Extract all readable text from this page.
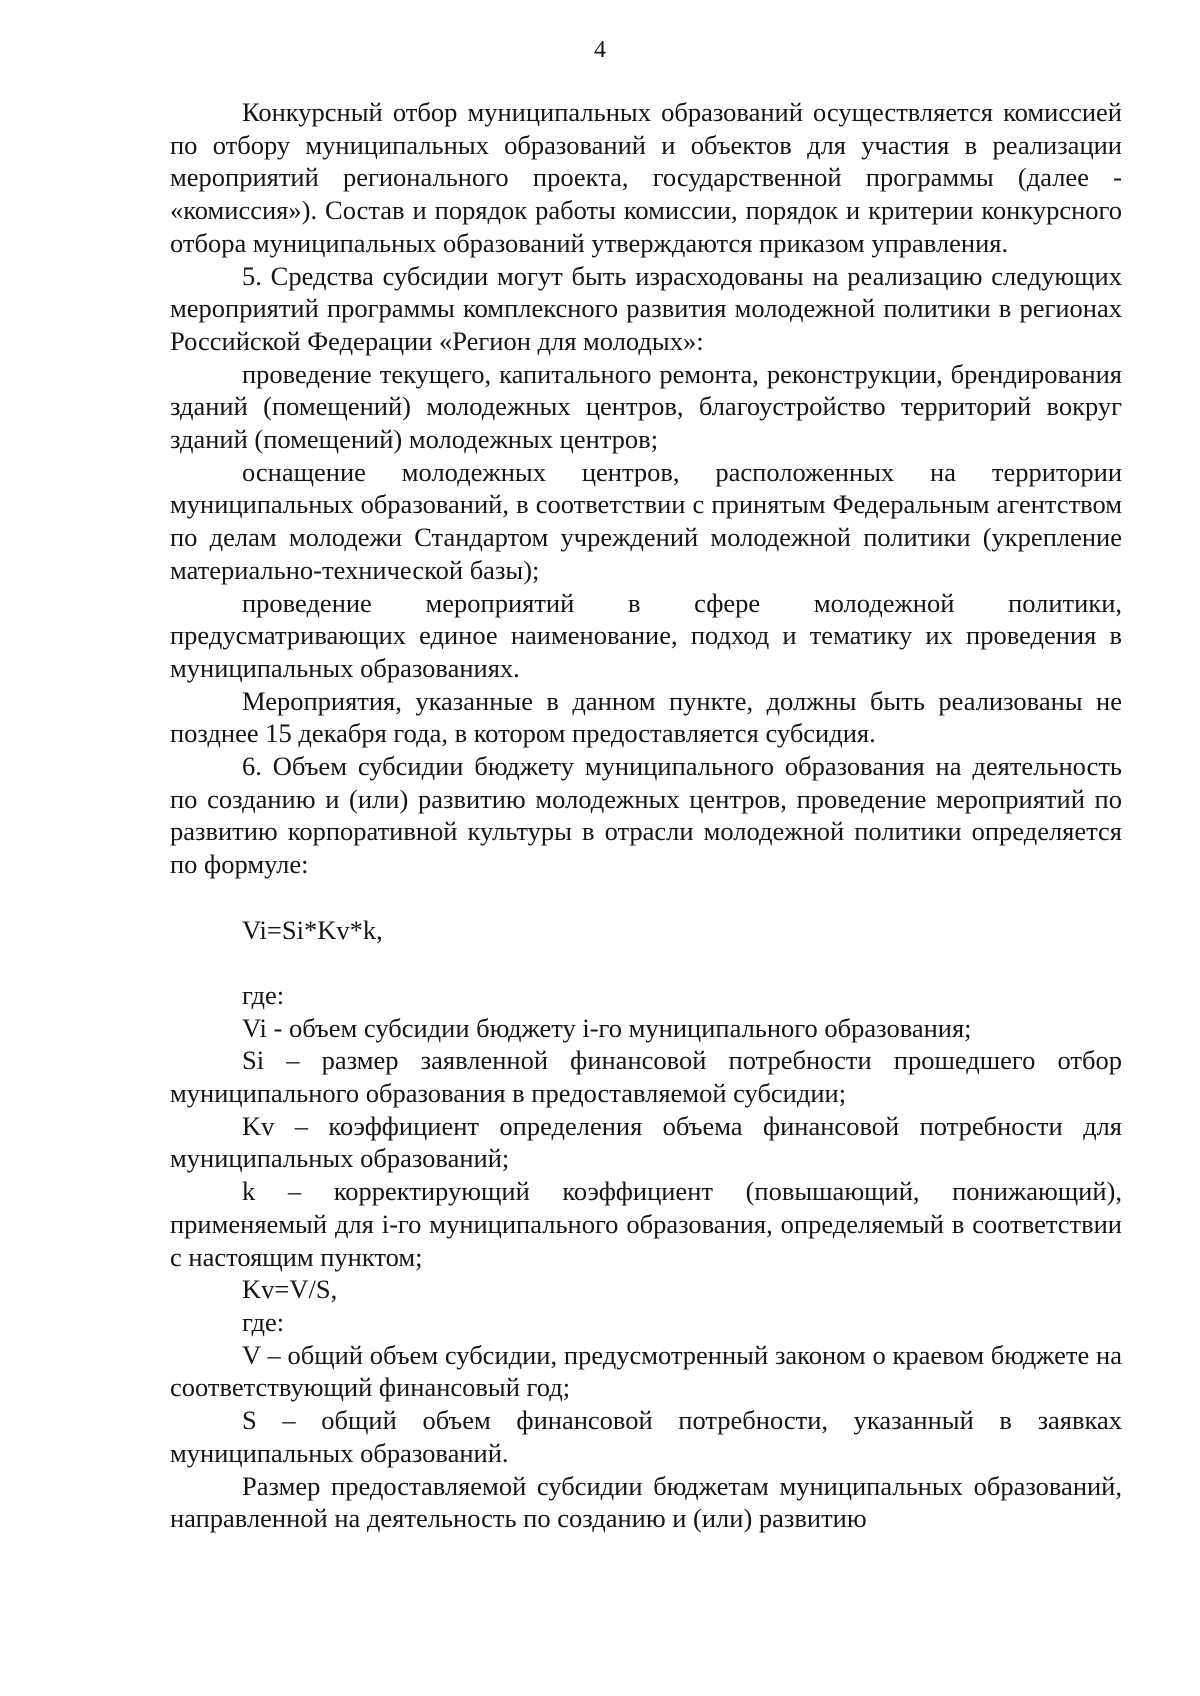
4

Конкурсный отбор муниципальных образований осуществляется комиссией по отбору муниципальных образований и объектов для участия в реализации мероприятий регионального проекта, государственной программы (далее - «комиссия»). Состав и порядок работы комиссии, порядок и критерии конкурсного отбора муниципальных образований утверждаются приказом управления.

5. Средства субсидии могут быть израсходованы на реализацию следующих мероприятий программы комплексного развития молодежной политики в регионах Российской Федерации «Регион для молодых»:

проведение текущего, капитального ремонта, реконструкции, брендирования зданий (помещений) молодежных центров, благоустройство территорий вокруг зданий (помещений) молодежных центров;

оснащение молодежных центров, расположенных на территории муниципальных образований, в соответствии с принятым Федеральным агентством по делам молодежи Стандартом учреждений молодежной политики (укрепление материально-технической базы);

проведение мероприятий в сфере молодежной политики, предусматривающих единое наименование, подход и тематику их проведения в муниципальных образованиях.

Мероприятия, указанные в данном пункте, должны быть реализованы не позднее 15 декабря года, в котором предоставляется субсидия.

6. Объем субсидии бюджету муниципального образования на деятельность по созданию и (или) развитию молодежных центров, проведение мероприятий по развитию корпоративной культуры в отрасли молодежной политики определяется по формуле:

Vi=Si*Kv*k,

где:

Vi - объем субсидии бюджету i-го муниципального образования;

Si – размер заявленной финансовой потребности прошедшего отбор муниципального образования в предоставляемой субсидии;

Kv – коэффициент определения объема финансовой потребности для муниципальных образований;

k – корректирующий коэффициент (повышающий, понижающий), применяемый для i-го муниципального образования, определяемый в соответствии с настоящим пунктом;

Kv=V/S,

где:

V – общий объем субсидии, предусмотренный законом о краевом бюджете на соответствующий финансовый год;

S – общий объем финансовой потребности, указанный в заявках муниципальных образований.

Размер предоставляемой субсидии бюджетам муниципальных образований, направленной на деятельность по созданию и (или) развитию
